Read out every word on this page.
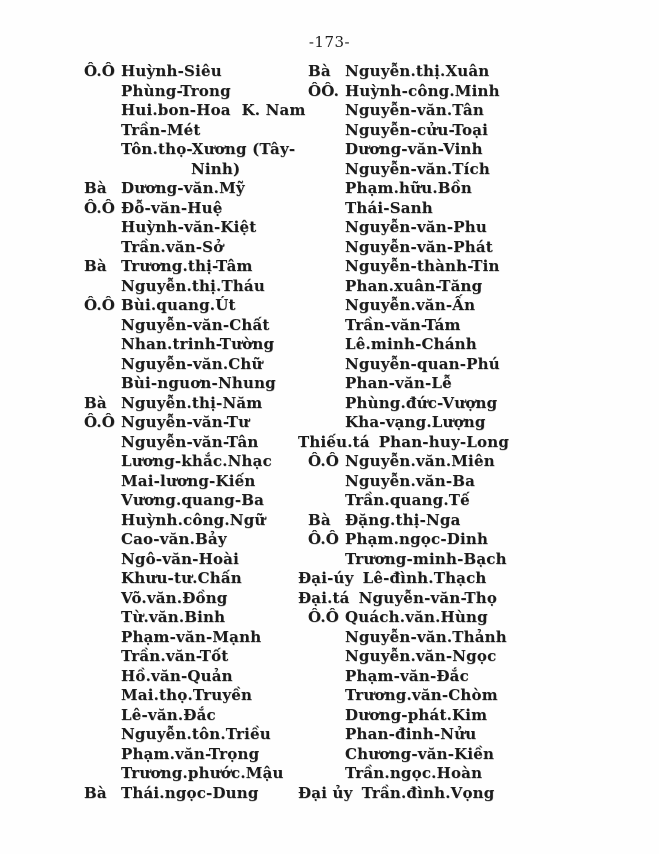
-173-
Ô.Ô Huỳnh-Siêu
Phùng-Trong
Hui.bon-Hoa  K. Nam
Trần-Mét
Tôn.thọ-Xương (Tây-
Ninh)
Bà Dương-văn.Mỹ
Ô.Ô Đỗ-văn-Huệ
Huỳnh-văn-Kiệt
Trần.văn-Sở
Bà Trương.thị-Tâm
Nguyễn.thị.Tháu
Ô.Ô Bùi.quang.Út
Nguyễn-văn-Chất
Nhan.trinh-Tường
Nguyễn-văn.Chữ
Bùi-nguơn-Nhung
Bà Nguyễn.thị-Năm
Ô.Ô Nguyễn-văn-Tư
Nguyễn-văn-Tân
Lương-khắc.Nhạc
Mai-lương-Kiến
Vương.quang-Ba
Huỳnh.công.Ngữ
Cao-văn.Bảy
Ngô-văn-Hoài
Khưu-tư.Chấn
Võ.văn.Đồng
Từ.văn.Binh
Phạm-văn-Mạnh
Trần.văn-Tốt
Hồ.văn-Quản
Mai.thọ.Truyền
Lê-văn.Đắc
Nguyễn.tôn.Triều
Phạm.văn-Trọng
Trương.phước.Mậu
Bà Thái.ngọc-Dung
Bà Nguyễn.thị.Xuân
ÔÔ. Huỳnh-công.Minh
Nguyễn-văn.Tân
Nguyễn-cửu-Toại
Dương-văn-Vinh
Nguyễn-văn.Tích
Phạm.hữu.Bồn
Thái-Sanh
Nguyễn-văn-Phu
Nguyễn-văn-Phát
Nguyễn-thành-Tin
Phan.xuân-Tăng
Nguyễn.văn-Ấn
Trần-văn-Tám
Lê.minh-Chánh
Nguyễn-quan-Phú
Phan-văn-Lễ
Phùng.đức-Vượng
Kha-vạng.Lượng
Thiếu.tá Phan-huy-Long
Ô.Ô Nguyễn.văn.Miên
Nguyễn.văn-Ba
Trần.quang.Tế
Bà Đặng.thị-Nga
Ô.Ô Phạm.ngọc-Dinh
Trương-minh-Bạch
Đại-úy Lê-đình.Thạch
Đại.tá Nguyễn-văn-Thọ
Ô.Ô Quách.văn.Hùng
Nguyễn-văn.Thảnh
Nguyễn.văn-Ngọc
Phạm-văn-Đắc
Trương.văn-Chòm
Dương-phát.Kim
Phan-đinh-Nửu
Chương-văn-Kiền
Trần.ngọc.Hoàn
Đại ủy Trần.đình.Vọng
